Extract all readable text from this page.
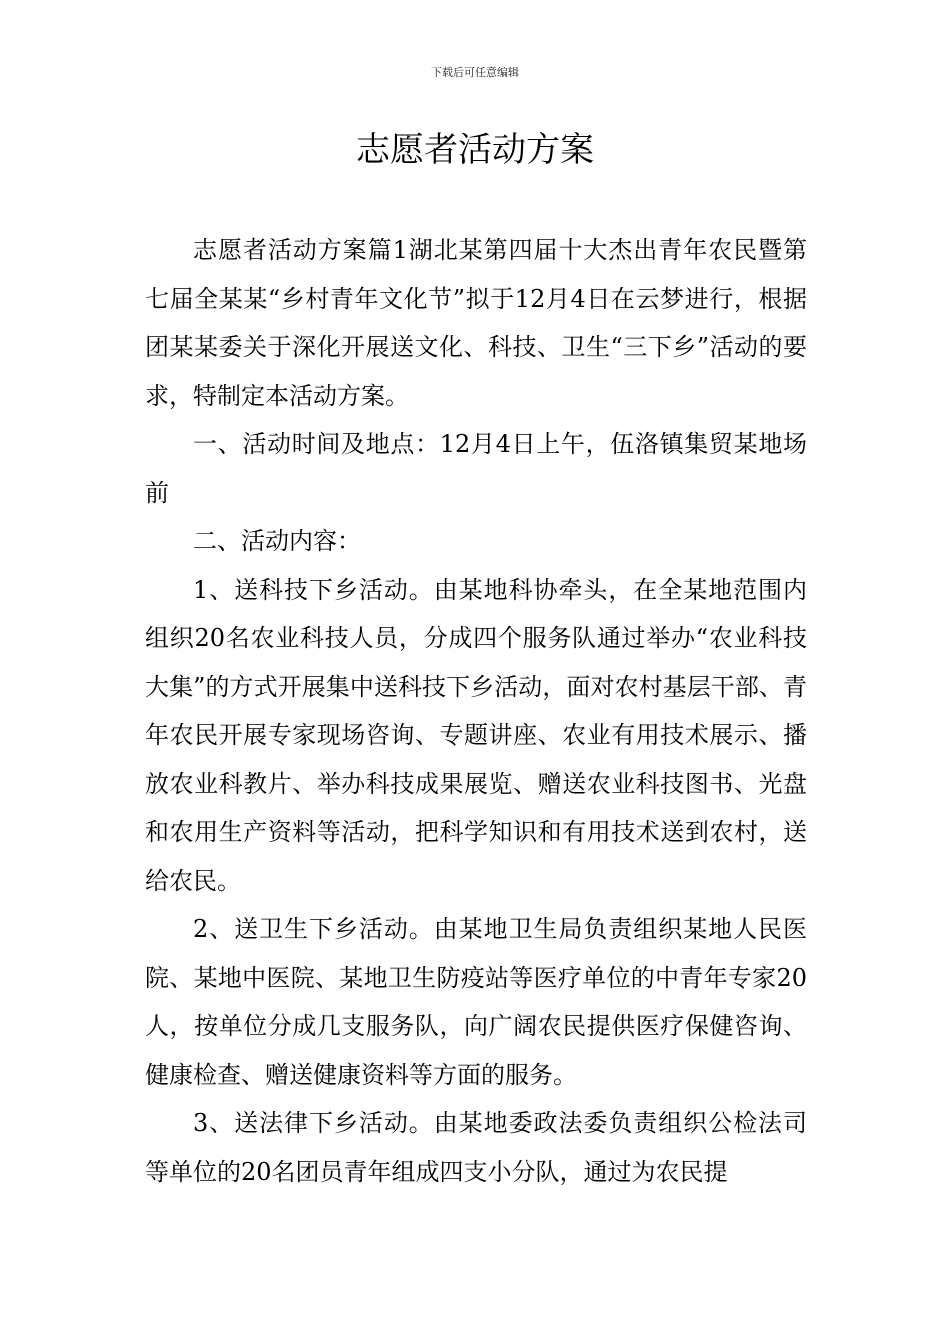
下载后可任意编辑
志愿者活动方案

志愿者活动方案篇1湖北某第四届十大杰出青年农民暨第七届全某某“乡村青年文化节”拟于12月4日在云梦进行，根据团某某委关于深化开展送文化、科技、卫生“三下乡”活动的要求，特制定本活动方案。

一、活动时间及地点：12月4日上午，伍洛镇集贸某地场前

二、活动内容：

1、送科技下乡活动。由某地科协牵头，在全某地范围内组织20名农业科技人员，分成四个服务队通过举办“农业科技大集”的方式开展集中送科技下乡活动，面对农村基层干部、青年农民开展专家现场咨询、专题讲座、农业有用技术展示、播放农业科教片、举办科技成果展览、赠送农业科技图书、光盘和农用生产资料等活动，把科学知识和有用技术送到农村，送给农民。

2、送卫生下乡活动。由某地卫生局负责组织某地人民医院、某地中医院、某地卫生防疫站等医疗单位的中青年专家20人，按单位分成几支服务队，向广阔农民提供医疗保健咨询、健康检查、赠送健康资料等方面的服务。

3、送法律下乡活动。由某地委政法委负责组织公检法司等单位的20名团员青年组成四支小分队，通过为农民提
